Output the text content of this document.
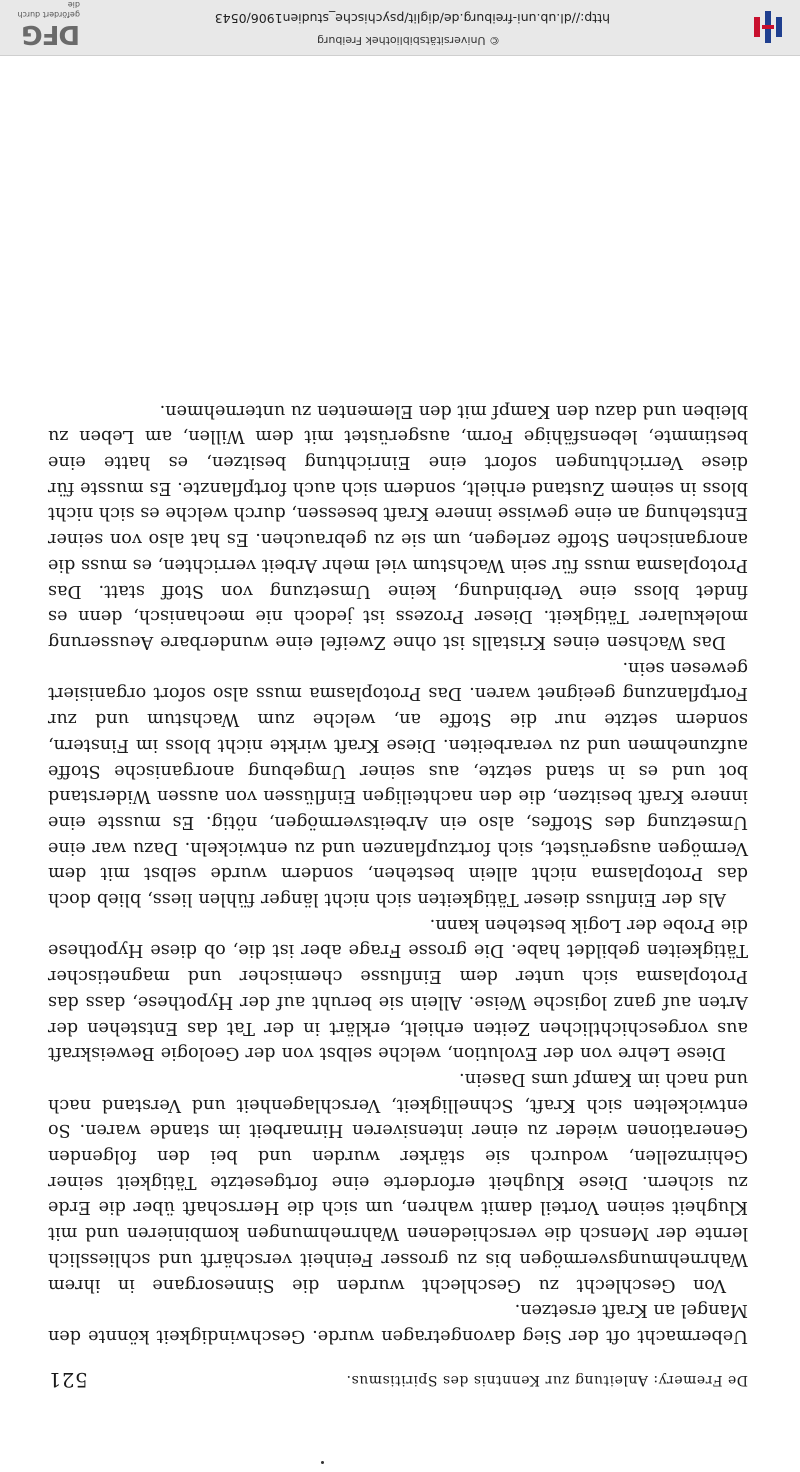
De Fremery: Anleitung zur Kenntnis des Spiritismus.
521

Uebermacht oft der Sieg davongetragen wurde. Geschwindigkeit könnte den Mangel an Kraft ersetzen.

Von Geschlecht zu Geschlecht wurden die Sinnesorgane in ihrem Wahrnehmungsvermögen bis zu grosser Feinheit verschärft und schliesslich lernte der Mensch die verschiedenen Wahrnehmungen kombinieren und mit Klugheit seinen Vorteil damit wahren, um sich die Herrschaft über die Erde zu sichern. Diese Klugheit erforderte eine fortgesetzte Tätigkeit seiner Gehirnzellen, wodurch sie stärker wurden und bei den folgenden Generationen wieder zu einer intensiveren Hirnarbeit im stande waren. So entwickelten sich Kraft, Schnelligkeit, Verschlagenheit und Verstand nach und nach im Kampf ums Dasein.

Diese Lehre von der Evolution, welche selbst von der Geologie Beweiskraft aus vorgeschichtlichen Zeiten erhielt, erklärt in der Tat das Entstehen der Arten auf ganz logische Weise. Allein sie beruht auf der Hypothese, dass das Protoplasma sich unter dem Einflusse chemischer und magnetischer Tätigkeiten gebildet habe. Die grosse Frage aber ist die, ob diese Hypothese die Probe der Logik bestehen kann.

Als der Einfluss dieser Tätigkeiten sich nicht länger fühlen liess, blieb doch das Protoplasma nicht allein bestehen, sondern wurde selbst mit dem Vermögen ausgerüstet, sich fortzupflanzen und zu entwickeln. Dazu war eine Umsetzung des Stoffes, also ein Arbeitsvermögen, nötig. Es musste eine innere Kraft besitzen, die den nachteiligen Einflüssen von aussen Widerstand bot und es in stand setzte, aus seiner Umgebung anorganische Stoffe aufzunehmen und zu verarbeiten. Diese Kraft wirkte nicht bloss im Finstern, sondern setzte nur die Stoffe an, welche zum Wachstum und zur Fortpflanzung geeignet waren. Das Protoplasma muss also sofort organisiert gewesen sein.

Das Wachsen eines Kristalls ist ohne Zweifel eine wunderbare Aeusserung molekularer Tätigkeit. Dieser Prozess ist jedoch nie mechanisch, denn es findet bloss eine Verbindung, keine Umsetzung von Stoff statt. Das Protoplasma muss für sein Wachstum viel mehr Arbeit verrichten, es muss die anorganischen Stoffe zerlegen, um sie zu gebrauchen. Es hat also von seiner Entstehung an eine gewisse innere Kraft besessen, durch welche es sich nicht bloss in seinem Zustand erhielt, sondern sich auch fortpflanzte. Es musste für diese Verrichtungen sofort eine Einrichtung besitzen, es hatte eine bestimmte, lebensfähige Form, ausgerüstet mit dem Willen, am Leben zu bleiben und dazu den Kampf mit den Elementen zu unternehmen.

© Universitätsbibliothek Freiburg
http://dl.ub.uni-freiburg.de/diglit/psychische_studien1906/0543
DFG
gefördert durch die
